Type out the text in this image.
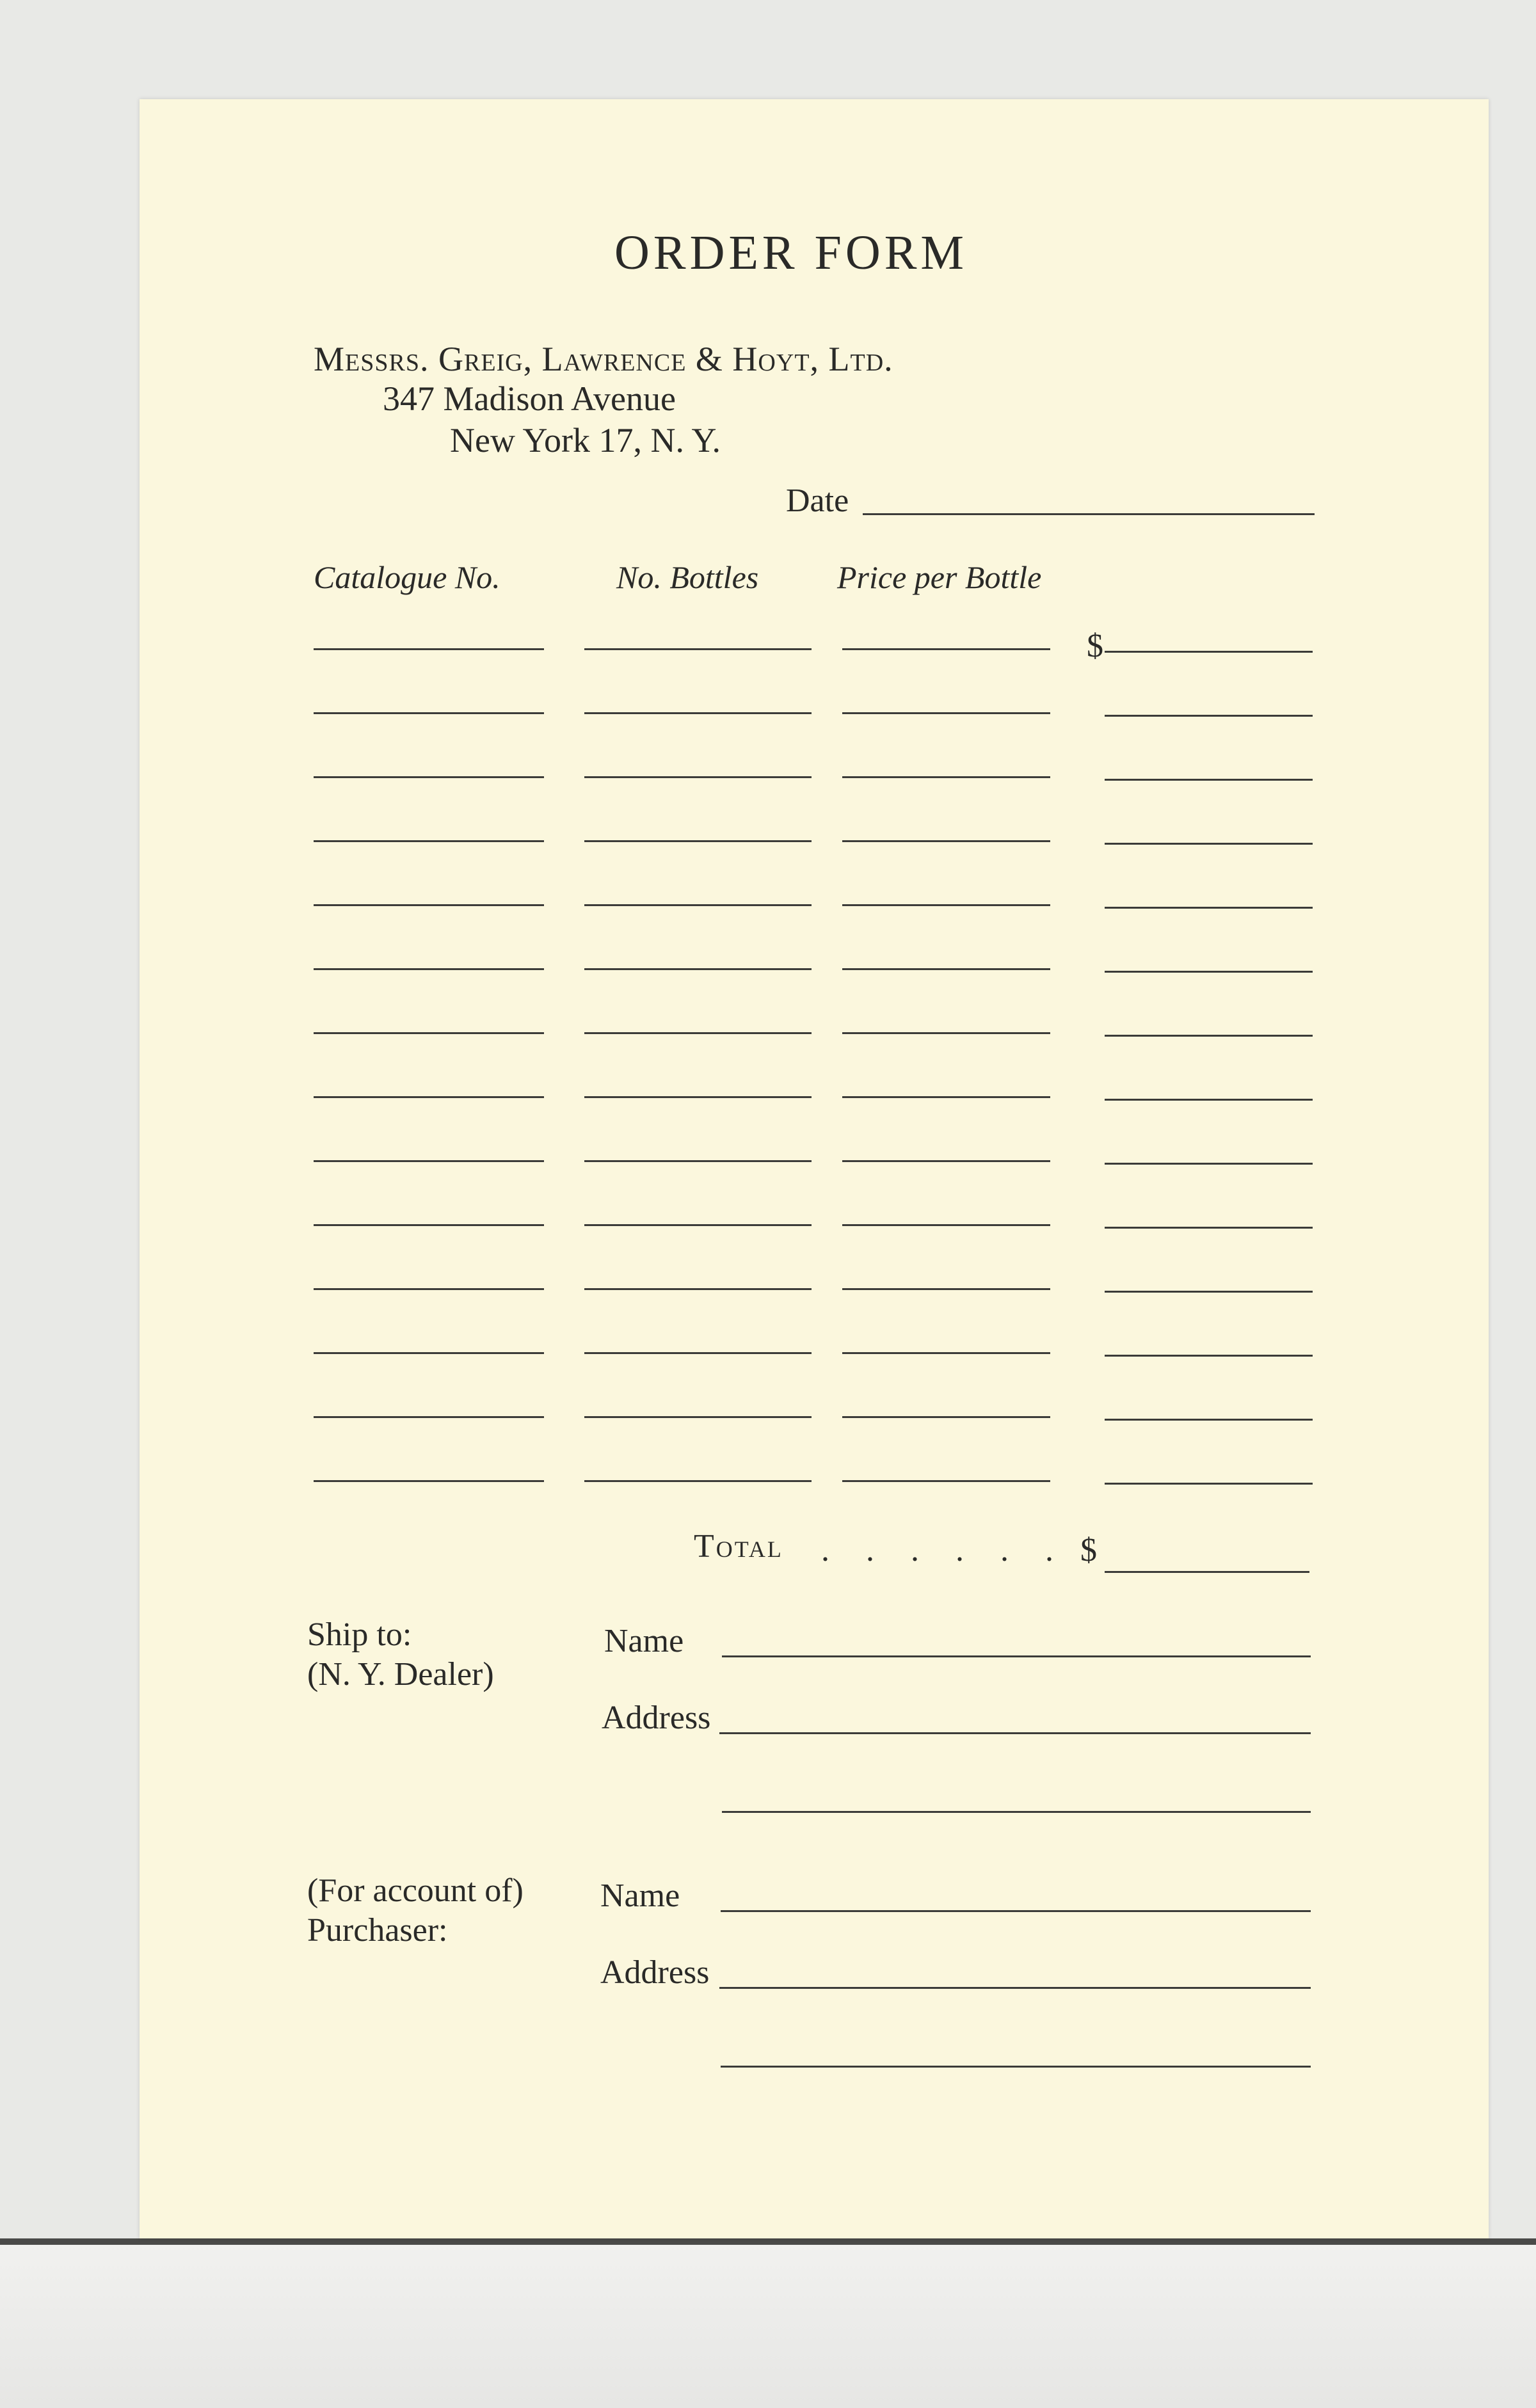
ORDER FORM
Messrs. Greig, Lawrence & Hoyt, Ltd.
347 Madison Avenue
New York 17, N. Y.
Date
Catalogue No.	No. Bottles Price per Bottle
$
Total . . . . . . $
Ship to:
(N. Y. Dealer)
Name
Address
(For account of)
Purchaser:
Name
Address
